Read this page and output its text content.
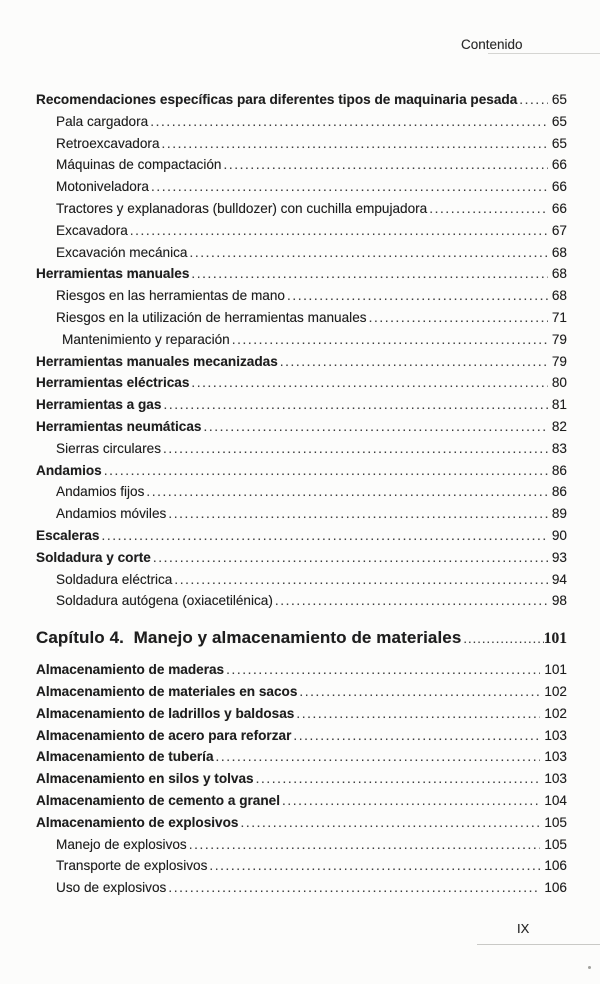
Contenido
Recomendaciones específicas para diferentes tipos de maquinaria pesada .....	65
Pala cargadora .....	65
Retroexcavadora .....	65
Máquinas de compactación .....	66
Motoniveladora .....	66
Tractores y explanadoras (bulldozer) con cuchilla empujadora .....	66
Excavadora .....	67
Excavación mecánica .....	68
Herramientas manuales .....	68
Riesgos en las herramientas de mano .....	68
Riesgos en la utilización de herramientas manuales .....	71
Mantenimiento y reparación .....	79
Herramientas manuales mecanizadas .....	79
Herramientas eléctricas .....	80
Herramientas a gas .....	81
Herramientas neumáticas .....	82
Sierras circulares .....	83
Andamios .....	86
Andamios fijos .....	86
Andamios móviles .....	89
Escaleras .....	90
Soldadura y corte .....	93
Soldadura eléctrica .....	94
Soldadura autógena (oxiacetilénica) .....	98
Capítulo 4.  Manejo y almacenamiento de materiales .....	101
Almacenamiento de maderas .....	101
Almacenamiento de materiales en sacos .....	102
Almacenamiento de ladrillos y baldosas .....	102
Almacenamiento de acero para reforzar .....	103
Almacenamiento de tubería .....	103
Almacenamiento en silos y tolvas .....	103
Almacenamiento de cemento a granel .....	104
Almacenamiento de explosivos .....	105
Manejo de explosivos .....	105
Transporte de explosivos .....	106
Uso de explosivos .....	106
IX
